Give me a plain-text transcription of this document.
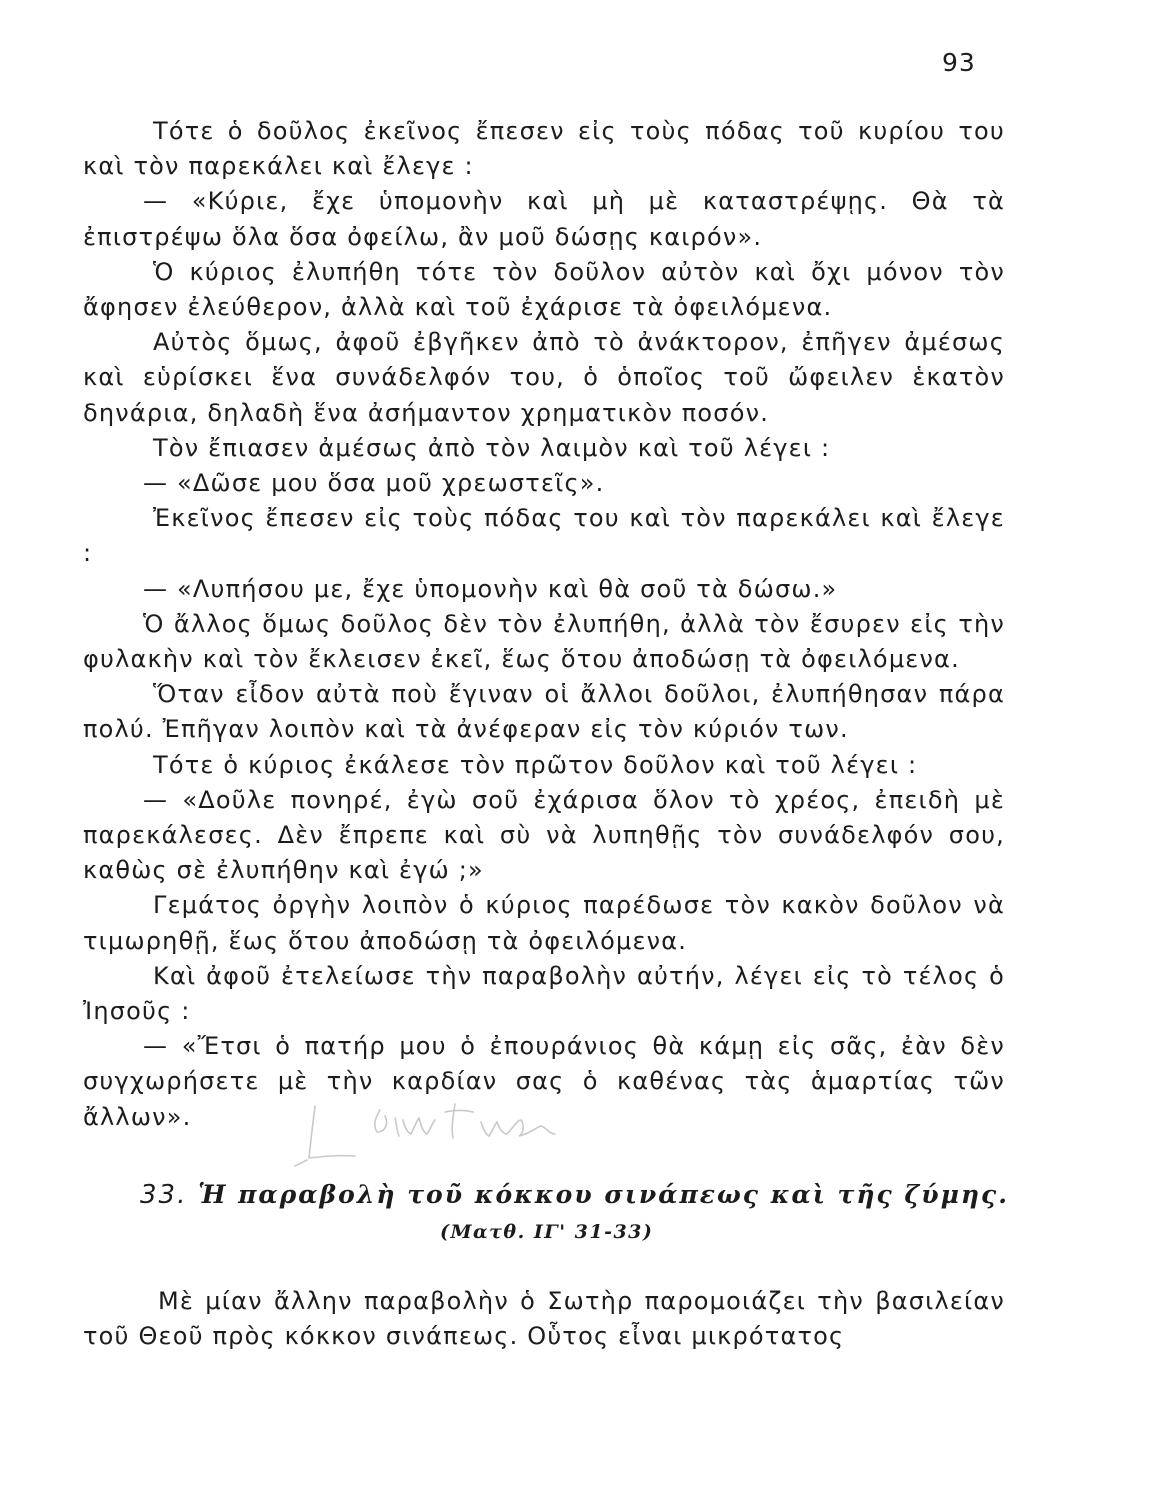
93

Τότε ὁ δοῦλος ἐκεῖνος ἔπεσεν εἰς τοὺς πόδας τοῦ κυρίου του καὶ τὸν παρεκάλει καὶ ἔλεγε :

— «Κύριε, ἔχε ὑπομονὴν καὶ μὴ μὲ καταστρέψῃς. Θὰ τὰ ἐπιστρέψω ὅλα ὅσα ὀφείλω, ἂν μοῦ δώσῃς καιρόν».

Ὁ κύριος ἐλυπήθη τότε τὸν δοῦλον αὐτὸν καὶ ὄχι μόνον τὸν ἄφησεν ἐλεύθερον, ἀλλὰ καὶ τοῦ ἐχάρισε τὰ ὀφειλόμενα.

Αὐτὸς ὅμως, ἀφοῦ ἐβγῆκεν ἀπὸ τὸ ἀνάκτορον, ἐπῆγεν ἀμέσως καὶ εὑρίσκει ἕνα συνάδελφόν του, ὁ ὁποῖος τοῦ ὤφειλεν ἑκατὸν δηνάρια, δηλαδὴ ἕνα ἀσήμαντον χρηματικὸν ποσόν.

Τὸν ἔπιασεν ἀμέσως ἀπὸ τὸν λαιμὸν καὶ τοῦ λέγει :

— «Δῶσε μου ὅσα μοῦ χρεωστεῖς».

Ἐκεῖνος ἔπεσεν εἰς τοὺς πόδας του καὶ τὸν παρεκάλει καὶ ἔλεγε :

— «Λυπήσου με, ἔχε ὑπομονὴν καὶ θὰ σοῦ τὰ δώσω.»

Ὁ ἄλλος ὅμως δοῦλος δὲν τὸν ἐλυπήθη, ἀλλὰ τὸν ἔσυρεν εἰς τὴν φυλακὴν καὶ τὸν ἔκλεισεν ἐκεῖ, ἕως ὅτου ἀποδώσῃ τὰ ὀφειλόμενα.

Ὅταν εἶδον αὐτὰ ποὺ ἔγιναν οἱ ἄλλοι δοῦλοι, ἐλυπήθησαν πάρα πολύ. Ἐπῆγαν λοιπὸν καὶ τὰ ἀνέφεραν εἰς τὸν κύριόν των.

Τότε ὁ κύριος ἐκάλεσε τὸν πρῶτον δοῦλον καὶ τοῦ λέγει :

— «Δοῦλε πονηρέ, ἐγὼ σοῦ ἐχάρισα ὅλον τὸ χρέος, ἐπειδὴ μὲ παρεκάλεσες. Δὲν ἔπρεπε καὶ σὺ νὰ λυπηθῇς τὸν συνάδελφόν σου, καθὼς σὲ ἐλυπήθην καὶ ἐγώ ;»

Γεμάτος ὀργὴν λοιπὸν ὁ κύριος παρέδωσε τὸν κακὸν δοῦλον νὰ τιμωρηθῇ, ἕως ὅτου ἀποδώσῃ τὰ ὀφειλόμενα.

Καὶ ἀφοῦ ἐτελείωσε τὴν παραβολὴν αὐτήν, λέγει εἰς τὸ τέλος ὁ Ἰησοῦς :

— «Ἔτσι ὁ πατήρ μου ὁ ἐπουράνιος θὰ κάμῃ εἰς σᾶς, ἐὰν δὲν συγχωρήσετε μὲ τὴν καρδίαν σας ὁ καθένας τὰς ἁμαρτίας τῶν ἄλλων».

33. Ἡ παραβολὴ τοῦ κόκκου σινάπεως καὶ τῆς ζύμης.
(Ματθ. ΙΓ' 31-33)

Μὲ μίαν ἄλλην παραβολὴν ὁ Σωτὴρ παρομοιάζει τὴν βασιλείαν τοῦ Θεοῦ πρὸς κόκκον σινάπεως. Οὗτος εἶναι μικρότατος
